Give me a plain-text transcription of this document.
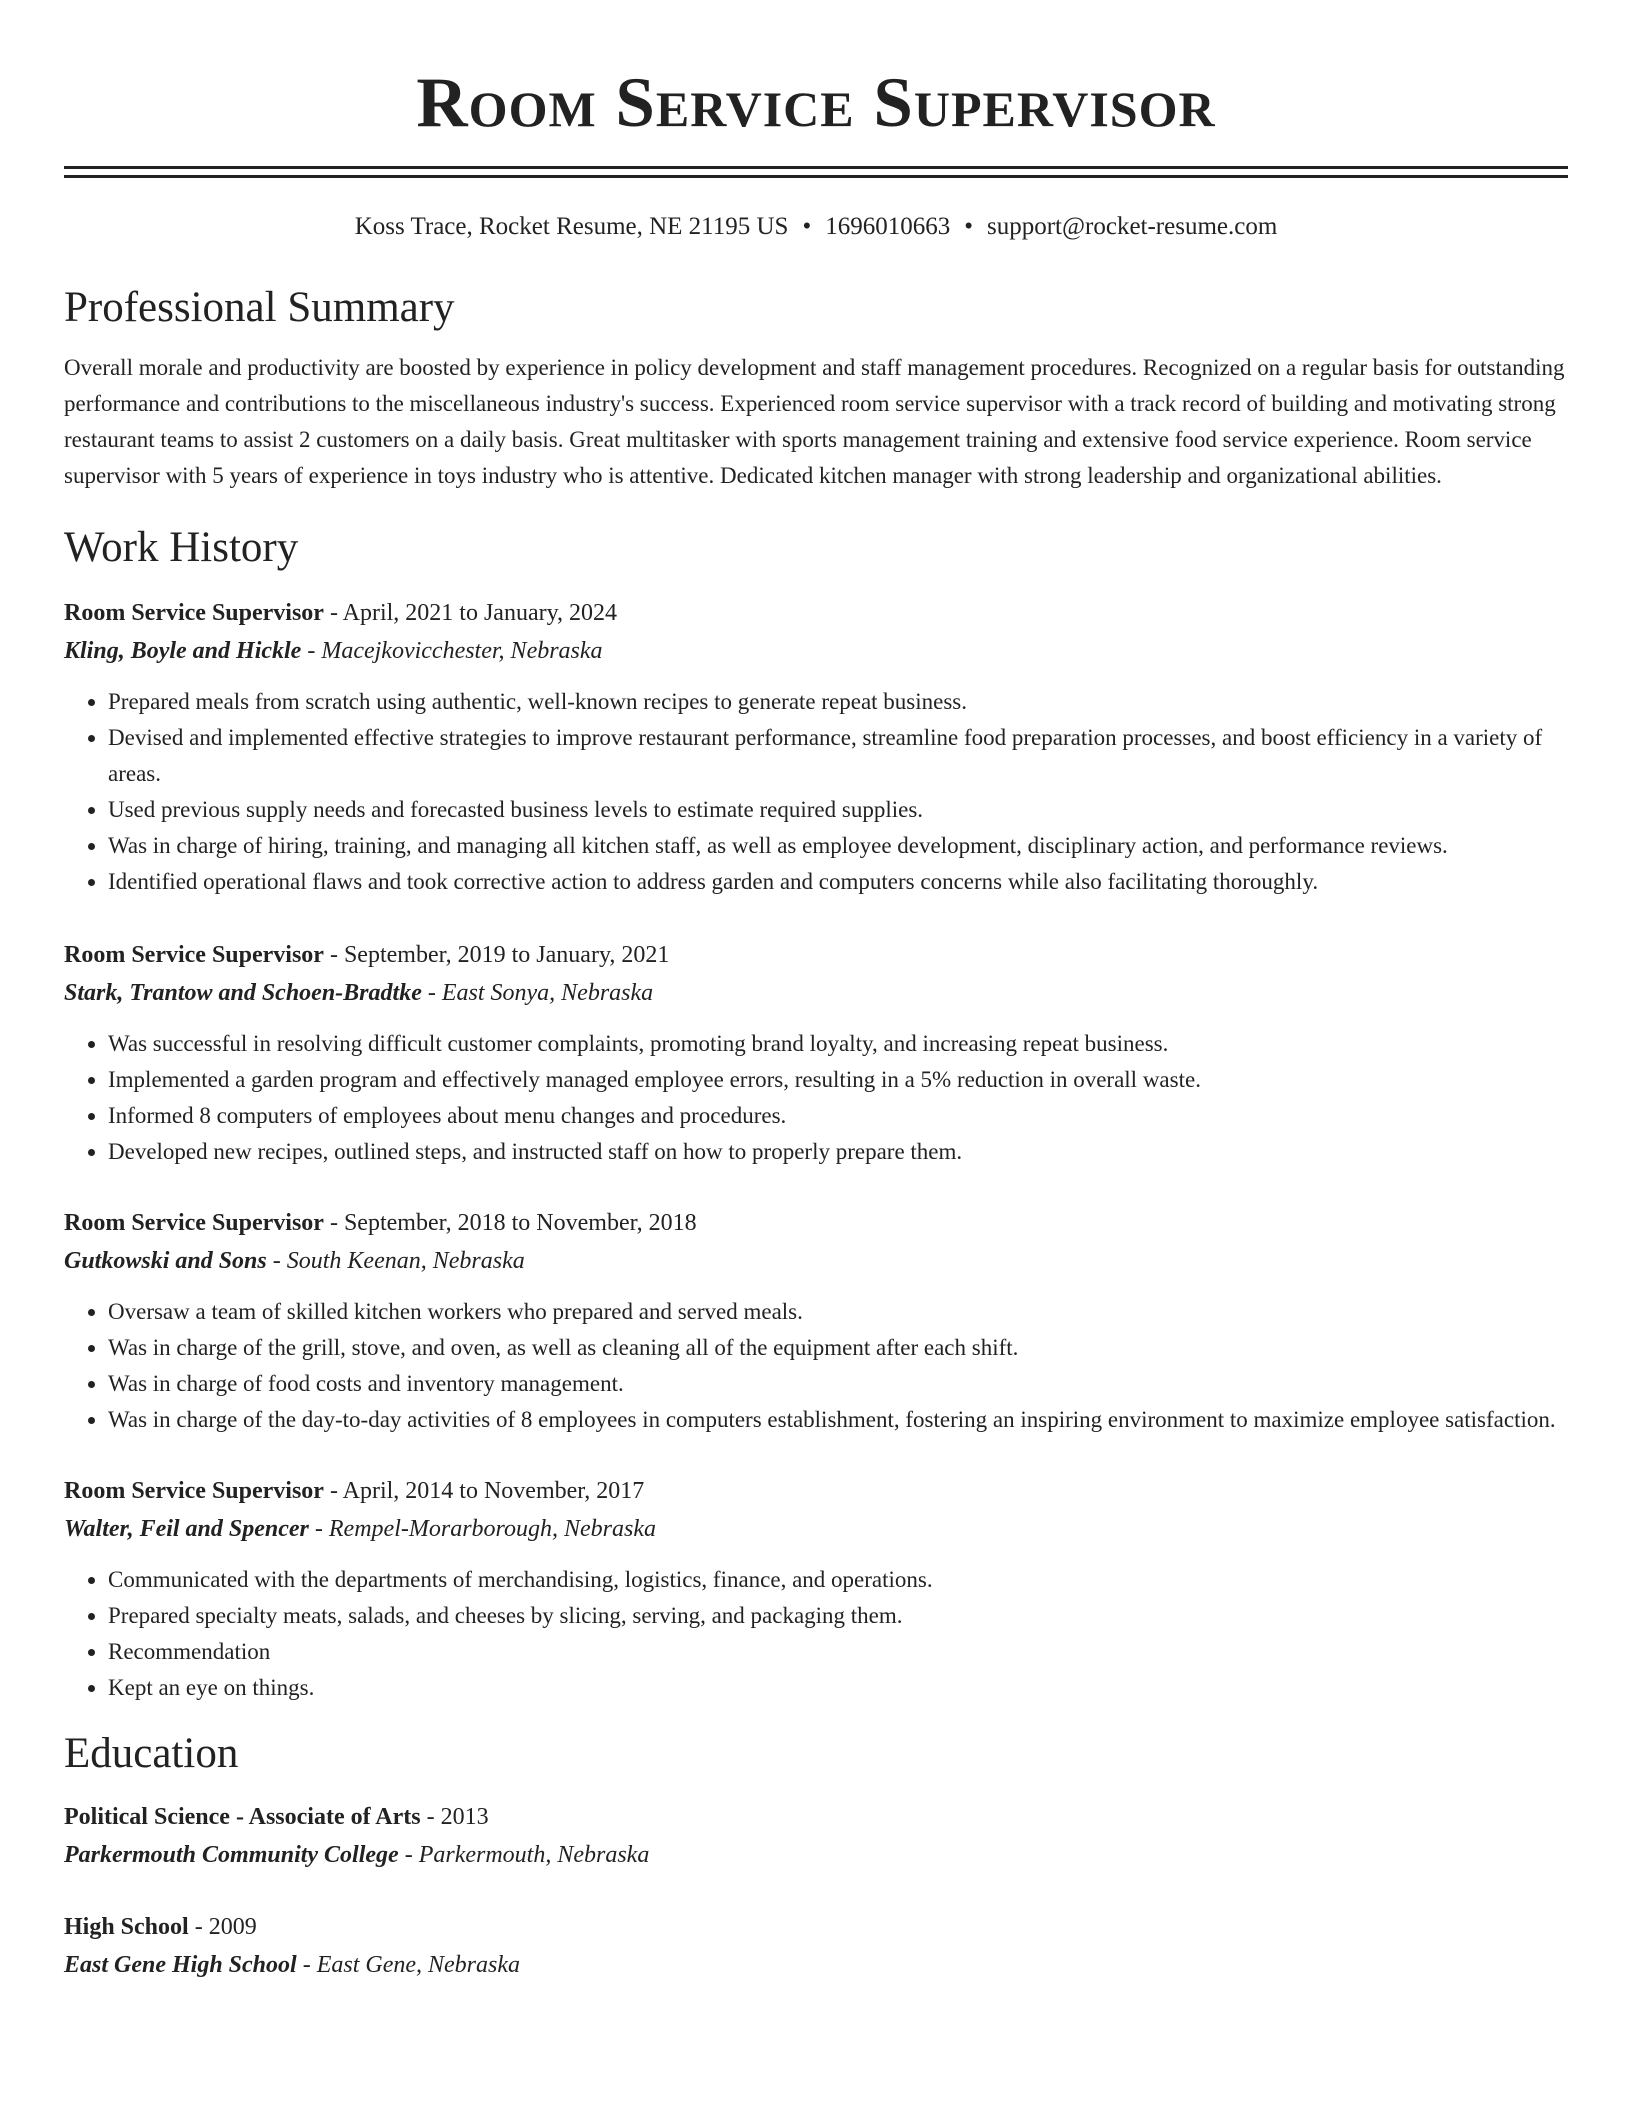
Room Service Supervisor
Koss Trace, Rocket Resume, NE 21195 US • 1696010663 • support@rocket-resume.com
Professional Summary

Overall morale and productivity are boosted by experience in policy development and staff management procedures. Recognized on a regular basis for outstanding performance and contributions to the miscellaneous industry's success. Experienced room service supervisor with a track record of building and motivating strong restaurant teams to assist 2 customers on a daily basis. Great multitasker with sports management training and extensive food service experience. Room service supervisor with 5 years of experience in toys industry who is attentive. Dedicated kitchen manager with strong leadership and organizational abilities.

Work History
Room Service Supervisor - April, 2021 to January, 2024
Kling, Boyle and Hickle - Macejkovicchester, Nebraska
• Prepared meals from scratch using authentic, well-known recipes to generate repeat business.
• Devised and implemented effective strategies to improve restaurant performance, streamline food preparation processes, and boost efficiency in a variety of areas.
• Used previous supply needs and forecasted business levels to estimate required supplies.
• Was in charge of hiring, training, and managing all kitchen staff, as well as employee development, disciplinary action, and performance reviews.
• Identified operational flaws and took corrective action to address garden and computers concerns while also facilitating thoroughly.
Room Service Supervisor - September, 2019 to January, 2021
Stark, Trantow and Schoen-Bradtke - East Sonya, Nebraska
• Was successful in resolving difficult customer complaints, promoting brand loyalty, and increasing repeat business.
• Implemented a garden program and effectively managed employee errors, resulting in a 5% reduction in overall waste.
• Informed 8 computers of employees about menu changes and procedures.
• Developed new recipes, outlined steps, and instructed staff on how to properly prepare them.
Room Service Supervisor - September, 2018 to November, 2018
Gutkowski and Sons - South Keenan, Nebraska
• Oversaw a team of skilled kitchen workers who prepared and served meals.
• Was in charge of the grill, stove, and oven, as well as cleaning all of the equipment after each shift.
• Was in charge of food costs and inventory management.
• Was in charge of the day-to-day activities of 8 employees in computers establishment, fostering an inspiring environment to maximize employee satisfaction.
Room Service Supervisor - April, 2014 to November, 2017
Walter, Feil and Spencer - Rempel-Morarborough, Nebraska
• Communicated with the departments of merchandising, logistics, finance, and operations.
• Prepared specialty meats, salads, and cheeses by slicing, serving, and packaging them.
• Recommendation
• Kept an eye on things.
Education
Political Science - Associate of Arts - 2013
Parkermouth Community College - Parkermouth, Nebraska
High School - 2009
East Gene High School - East Gene, Nebraska
